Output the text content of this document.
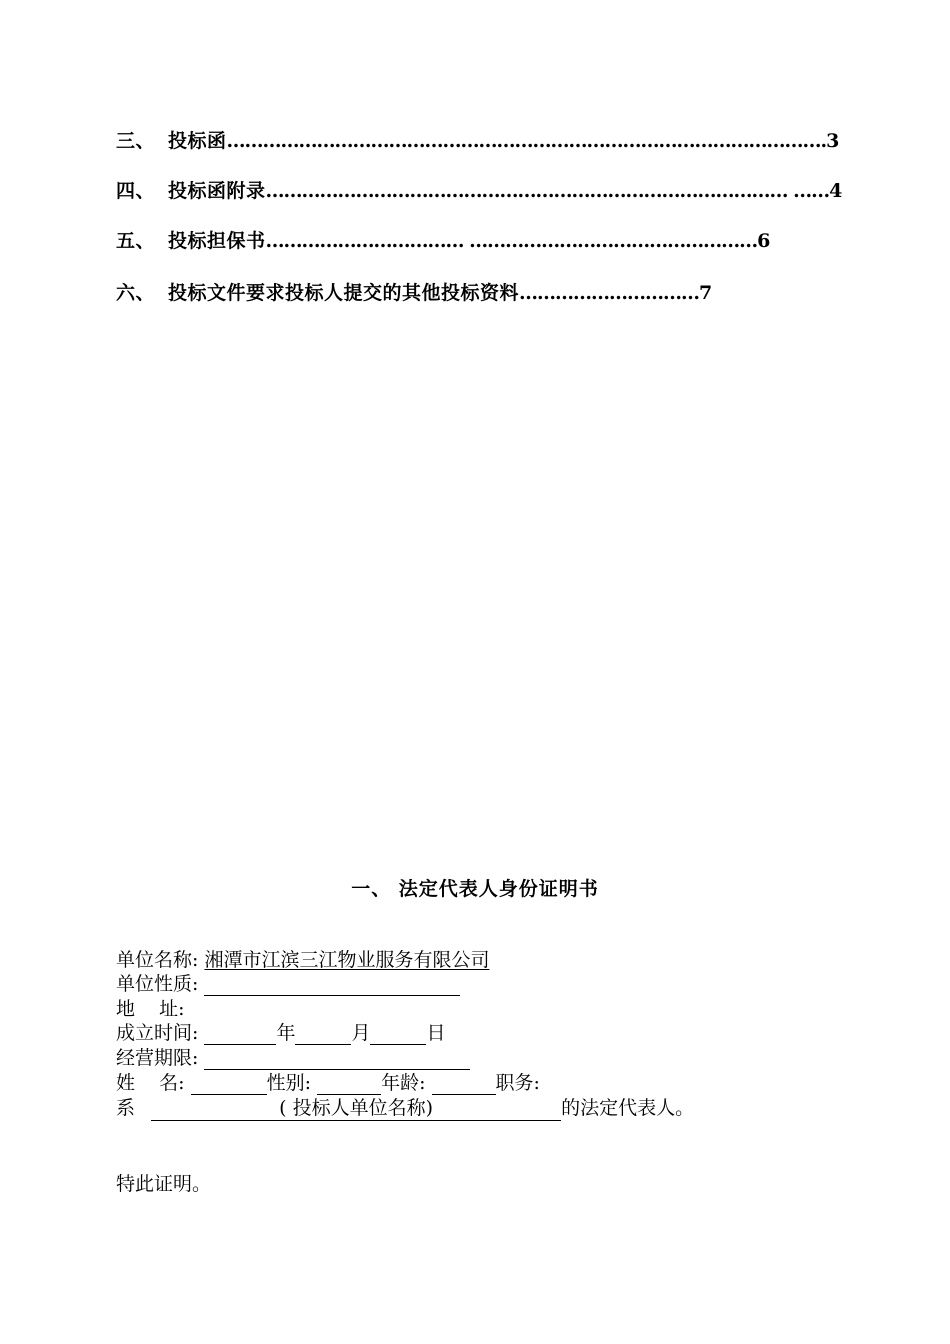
三、 投标函……………………………………………………………………………………….3
四、 投标函附录…………………………………………………………………………… ……4
五、 投标担保书…………………………… …………………………………………6
六、 投标文件要求投标人提交的其他投标资料…………………………7
一、 法定代表人身份证明书
单位名称: 湘潭市江滨三江物业服务有限公司
单位性质:
地    址:
成立时间:	年	月	日
经营期限:
姓    名:	性别:	年龄:	职务:
系	( 投标人单位名称)	的法定代表人。
特此证明。
